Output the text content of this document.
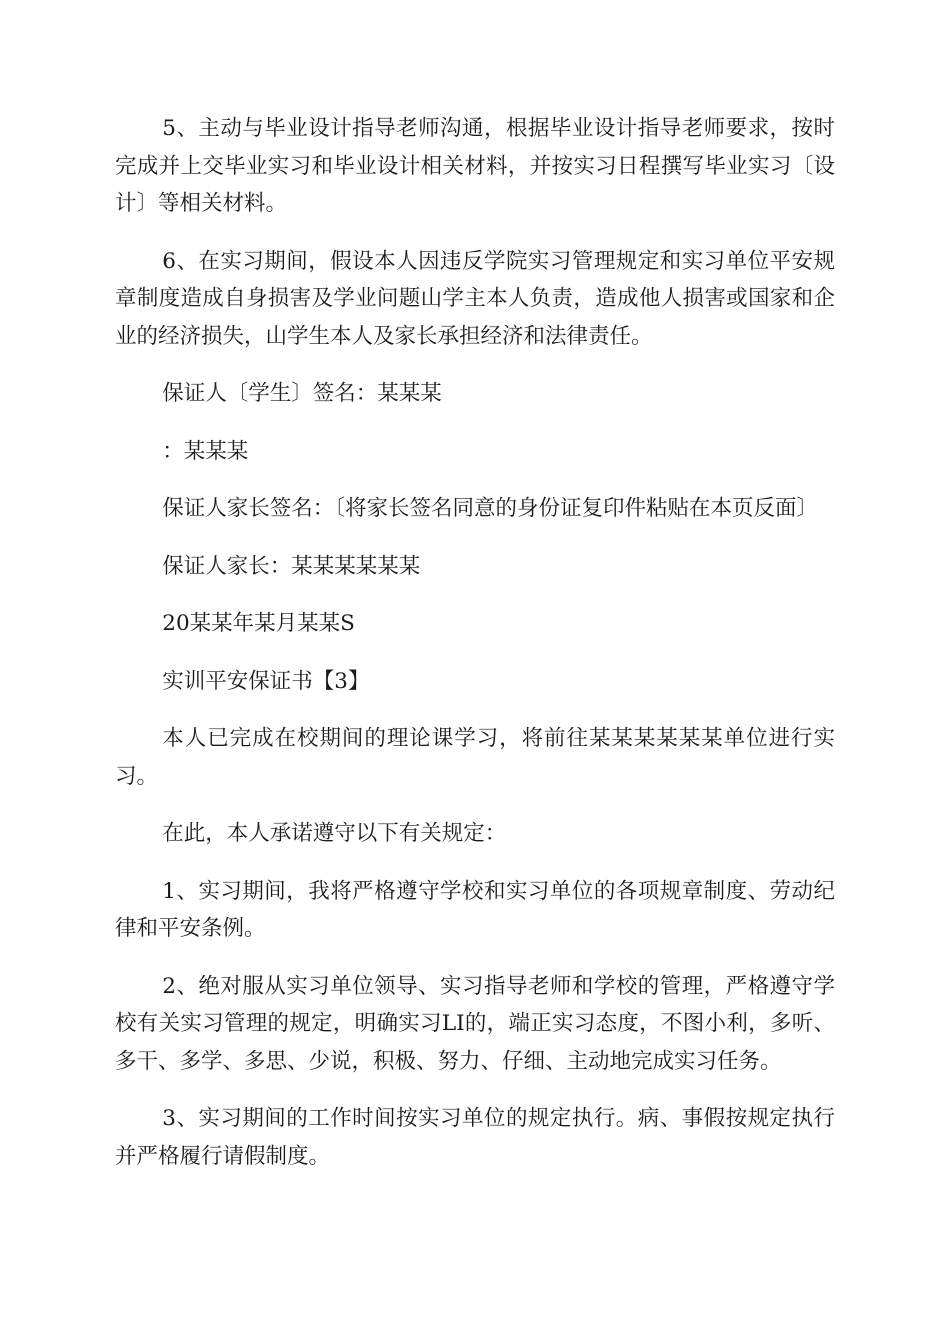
5、主动与毕业设计指导老师沟通，根据毕业设计指导老师要求，按时完成并上交毕业实习和毕业设计相关材料，并按实习日程撰写毕业实习〔设计〕等相关材料。

6、在实习期间，假设本人因违反学院实习管理规定和实习单位平安规章制度造成自身损害及学业问题山学主本人负责，造成他人损害或国家和企业的经济损失，山学生本人及家长承担经济和法律责任。

保证人〔学生〕签名：某某某

：某某某

保证人家长签名：〔将家长签名同意的身份证复印件粘贴在本页反面〕

保证人家长：某某某某某某

20某某年某月某某S

实训平安保证书【3】

本人已完成在校期间的理论课学习，将前往某某某某某某单位进行实习。

在此，本人承诺遵守以下有关规定：

1、实习期间，我将严格遵守学校和实习单位的各项规章制度、劳动纪律和平安条例。

2、绝对服从实习单位领导、实习指导老师和学校的管理，严格遵守学校有关实习管理的规定，明确实习LI的，端正实习态度，不图小利，多听、多干、多学、多思、少说，积极、努力、仔细、主动地完成实习任务。

3、实习期间的工作时间按实习单位的规定执行。病、事假按规定执行并严格履行请假制度。
